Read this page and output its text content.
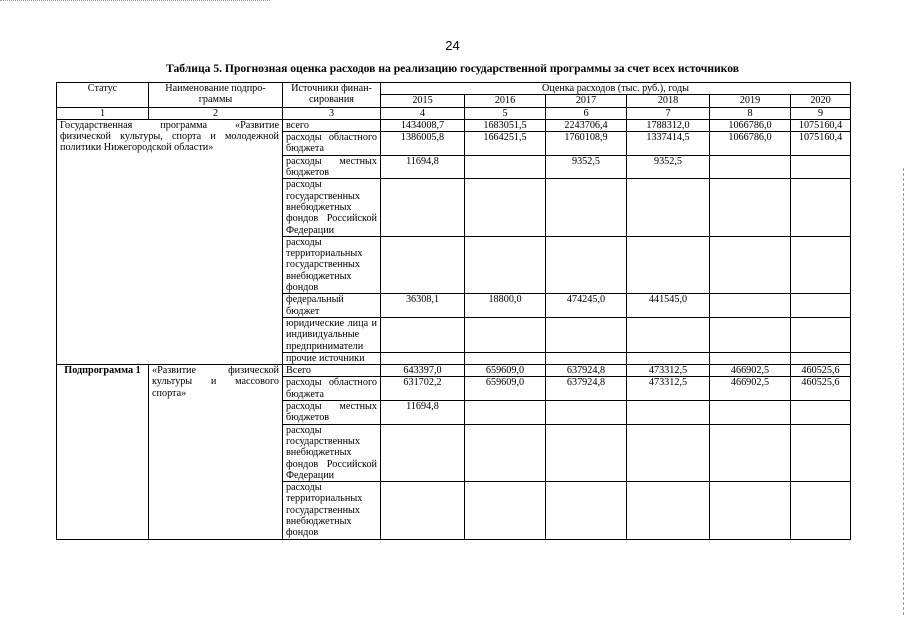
24
Таблица 5. Прогнозная оценка расходов на реализацию государственной программы за счет всех источников
Статус	Наименование подпро-граммы	Источники финан-сирования	Оценка расходов (тыс. руб.), годы					
			2015	2016	2017	2018	2019	2020
1	2	3	4	5	6	7	8	9
Государственная программа «Развитие физической культуры, спорта и молодежной политики Нижегородской области»		всего	1434008,7	1683051,5	2243706,4	1788312,0	1066786,0	1075160,4
		расходы областного бюджета	1386005,8	1664251,5	1760108,9	1337414,5	1066786,0	1075160,4
		расходы местных бюджетов	11694,8		9352,5	9352,5		
		расходы государственных внебюджетных фондов Российской Федерации						
		расходы территориальных государственных внебюджетных фондов						
		федеральный бюджет	36308,1	18800,0	474245,0	441545,0		
		юридические лица и индивидуальные предприниматели						
		прочие источники						
Подпрограмма 1	«Развитие физической культуры и массового спорта»	Всего	643397,0	659609,0	637924,8	473312,5	466902,5	460525,6
		расходы областного бюджета	631702,2	659609,0	637924,8	473312,5	466902,5	460525,6
		расходы местных бюджетов	11694,8					
		расходы государственных внебюджетных фондов Российской Федерации						
		расходы территориальных государственных внебюджетных фондов						
